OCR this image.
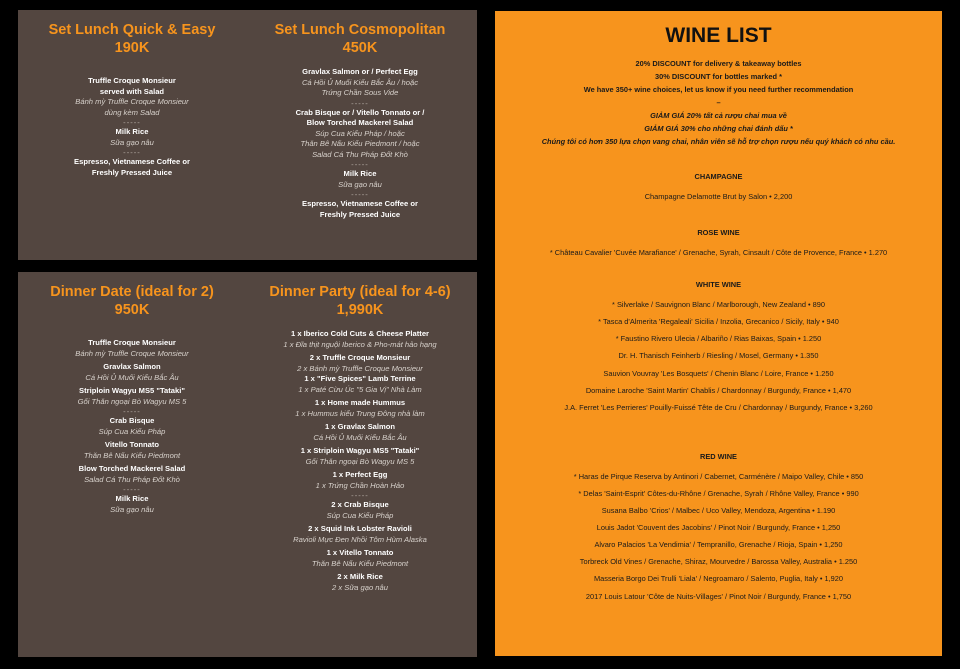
Set Lunch Quick & Easy
190K
Truffle Croque Monsieur
served with Salad
Bánh mỳ Truffle Croque Monsieur
dùng kèm Salad
-----
Milk Rice
Sữa gạo nâu
-----
Espresso, Vietnamese Coffee or
Freshly Pressed Juice
Set Lunch Cosmopolitan
450K
Gravlax Salmon or / Perfect Egg
Cá Hồi Ủ Muối Kiểu Bắc Âu / hoặc
Trứng Chần Sous Vide
-----
Crab Bisque or / Vitello Tonnato or /
Blow Torched Mackerel Salad
Súp Cua Kiểu Pháp / hoặc
Thăn Bê Nấu Kiểu Piedmont / hoặc
Salad Cá Thu Pháp Đốt Khò
-----
Milk Rice
Sữa gạo nâu
-----
Espresso, Vietnamese Coffee or
Freshly Pressed Juice
Dinner Date (ideal for 2)
950K
Truffle Croque Monsieur
Bánh mỳ Truffle Croque Monsieur
Gravlax Salmon
Cá Hồi Ủ Muối Kiểu Bắc Âu
Striploin Wagyu MS5 "Tataki"
Gối Thăn ngoại Bò Wagyu MS 5
-----
Crab Bisque
Súp Cua Kiểu Pháp
Vitello Tonnato
Thăn Bê Nấu Kiểu Piedmont
Blow Torched Mackerel Salad
Salad Cá Thu Pháp Đốt Khò
-----
Milk Rice
Sữa gạo nâu
Dinner Party (ideal for 4-6)
1,990K
1 x Iberico Cold Cuts & Cheese Platter
1 x Đĩa thịt nguội Iberico & Pho-mát hảo hạng
2 x Truffle Croque Monsieur
2 x Bánh mỳ Truffle Croque Monsieur
1 x "Five Spices" Lamb Terrine
1 x Paté Cừu Úc "5 Gia Vị" Nhà Làm
1 x Home made Hummus
1 x Hummus kiểu Trung Đông nhà làm
1 x Gravlax Salmon
Cá Hồi Ủ Muối Kiểu Bắc Âu
1 x Striploin Wagyu MS5 "Tataki"
Gối Thăn ngoại Bò Wagyu MS 5
1 x Perfect Egg
1 x Trứng Chần Hoàn Hảo
-----
2 x Crab Bisque
Súp Cua Kiểu Pháp
2 x Squid Ink Lobster Ravioli
Ravioli Mực Đen Nhồi Tôm Hùm Alaska
1 x Vitello Tonnato
Thăn Bê Nấu Kiểu Piedmont
2 x Milk Rice
2 x Sữa gạo nâu
WINE LIST
20% DISCOUNT for delivery & takeaway bottles
30% DISCOUNT for bottles marked *
We have 350+ wine choices, let us know if you need further recommendation
–
GIẢM GIÁ 20% tất cả rượu chai mua về
GIẢM GIÁ 30% cho những chai đánh dấu *
Chúng tôi có hơn 350 lựa chọn vang chai, nhân viên sẽ hỗ trợ chọn rượu nếu quý khách có nhu cầu.
CHAMPAGNE
Champagne Delamotte Brut by Salon • 2,200
ROSE WINE
* Château Cavalier 'Cuvée Marafiance' / Grenache, Syrah, Cinsault / Côte de Provence, France • 1.270
WHITE WINE
* Silverlake / Sauvignon Blanc / Marlborough, New Zealand • 890
* Tasca d'Almerita 'Regaleali' Sicilia / Inzolia, Grecanico / Sicily, Italy • 940
* Faustino Rivero Ulecia / Albariño / Rias Baixas, Spain • 1.250
Dr. H. Thanisch Feinherb / Riesling / Mosel, Germany • 1.350
Sauvion Vouvray 'Les Bosquets' / Chenin Blanc / Loire, France • 1.250
Domaine Laroche 'Saint Martin' Chablis / Chardonnay / Burgundy, France • 1,470
J.A. Ferret 'Les Perrieres' Pouilly-Fuissé Tête de Cru / Chardonnay / Burgundy, France • 3,260
RED WINE
* Haras de Pirque Reserva by Antinori / Cabernet, Carménère / Maipo Valley, Chile • 850
* Delas 'Saint-Esprit' Côtes-du-Rhône / Grenache, Syrah / Rhône Valley, France • 990
Susana Balbo 'Crios' / Malbec / Uco Valley, Mendoza, Argentina • 1.190
Louis Jadot 'Couvent des Jacobins' / Pinot Noir / Burgundy, France • 1,250
Alvaro Palacios 'La Vendimia' / Tempranillo, Grenache / Rioja, Spain • 1,250
Torbreck Old Vines / Grenache, Shiraz, Mourvedre / Barossa Valley, Australia • 1.250
Masseria Borgo Dei Trulli 'Liala' / Negroamaro / Salento, Puglia, Italy • 1,920
2017 Louis Latour 'Côte de Nuits-Villages' / Pinot Noir / Burgundy, France • 1,750
